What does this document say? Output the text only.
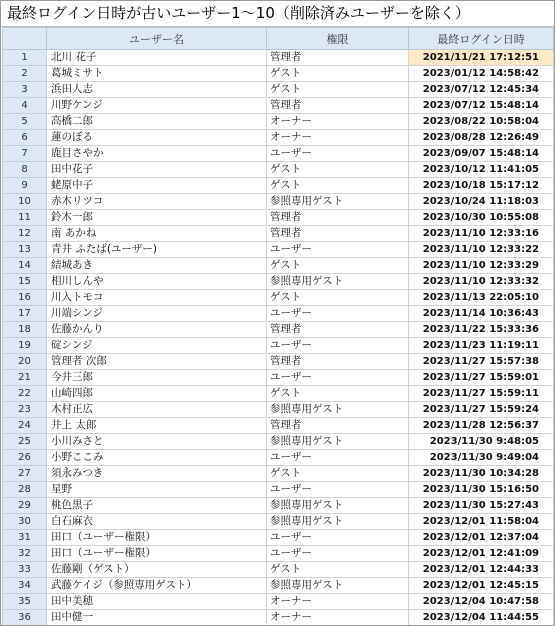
最終ログイン日時が古いユーザー1〜10（削除済みユーザーを除く）
	ユーザー名	権限	最終ログイン日時
1	北川 花子	管理者	2021/11/21 17:12:51
2	葛城ミサト	ゲスト	2023/01/12 14:58:42
3	浜田人志	ゲスト	2023/07/12 12:45:34
4	川野ケンジ	管理者	2023/07/12 15:48:14
5	高橋二郎	オーナー	2023/08/22 10:58:04
6	蓮のぼる	オーナー	2023/08/28 12:26:49
7	鹿目さやか	ユーザー	2023/09/07 15:48:14
8	田中花子	ゲスト	2023/10/12 11:41:05
9	蛯原中子	ゲスト	2023/10/18 15:17:12
10	赤木リツコ	参照専用ゲスト	2023/10/24 11:18:03
11	鈴木一郎	管理者	2023/10/30 10:55:08
12	南 あかね	管理者	2023/11/10 12:33:16
13	青井 ふたば(ユーザー)	ユーザー	2023/11/10 12:33:22
14	結城あき	ゲスト	2023/11/10 12:33:29
15	相川しんや	参照専用ゲスト	2023/11/10 12:33:32
16	川入トモコ	ゲスト	2023/11/13 22:05:10
17	川端シンジ	ユーザー	2023/11/14 10:36:43
18	佐藤かんり	管理者	2023/11/22 15:33:36
19	碇シンジ	ユーザー	2023/11/23 11:19:11
20	管理者 次郎	管理者	2023/11/27 15:57:38
21	今井三郎	ユーザー	2023/11/27 15:59:01
22	山崎四郎	ゲスト	2023/11/27 15:59:11
23	木村正広	参照専用ゲスト	2023/11/27 15:59:24
24	井上 太郎	管理者	2023/11/28 12:56:37
25	小川みさと	参照専用ゲスト	2023/11/30 9:48:05
26	小野ここみ	ユーザー	2023/11/30 9:49:04
27	須永みつき	ゲスト	2023/11/30 10:34:28
28	星野	ユーザー	2023/11/30 15:16:50
29	桃色黒子	参照専用ゲスト	2023/11/30 15:27:43
30	白石麻衣	参照専用ゲスト	2023/12/01 11:58:04
31	田口（ユーザー権限）	ユーザー	2023/12/01 12:37:04
32	田口（ユーザー権限）	ユーザー	2023/12/01 12:41:09
33	佐藤剛（ゲスト）	ゲスト	2023/12/01 12:44:33
34	武藤ケイジ（参照専用ゲスト）	参照専用ゲスト	2023/12/01 12:45:15
35	田中美穂	オーナー	2023/12/04 10:47:58
36	田中健一	オーナー	2023/12/04 11:44:55
